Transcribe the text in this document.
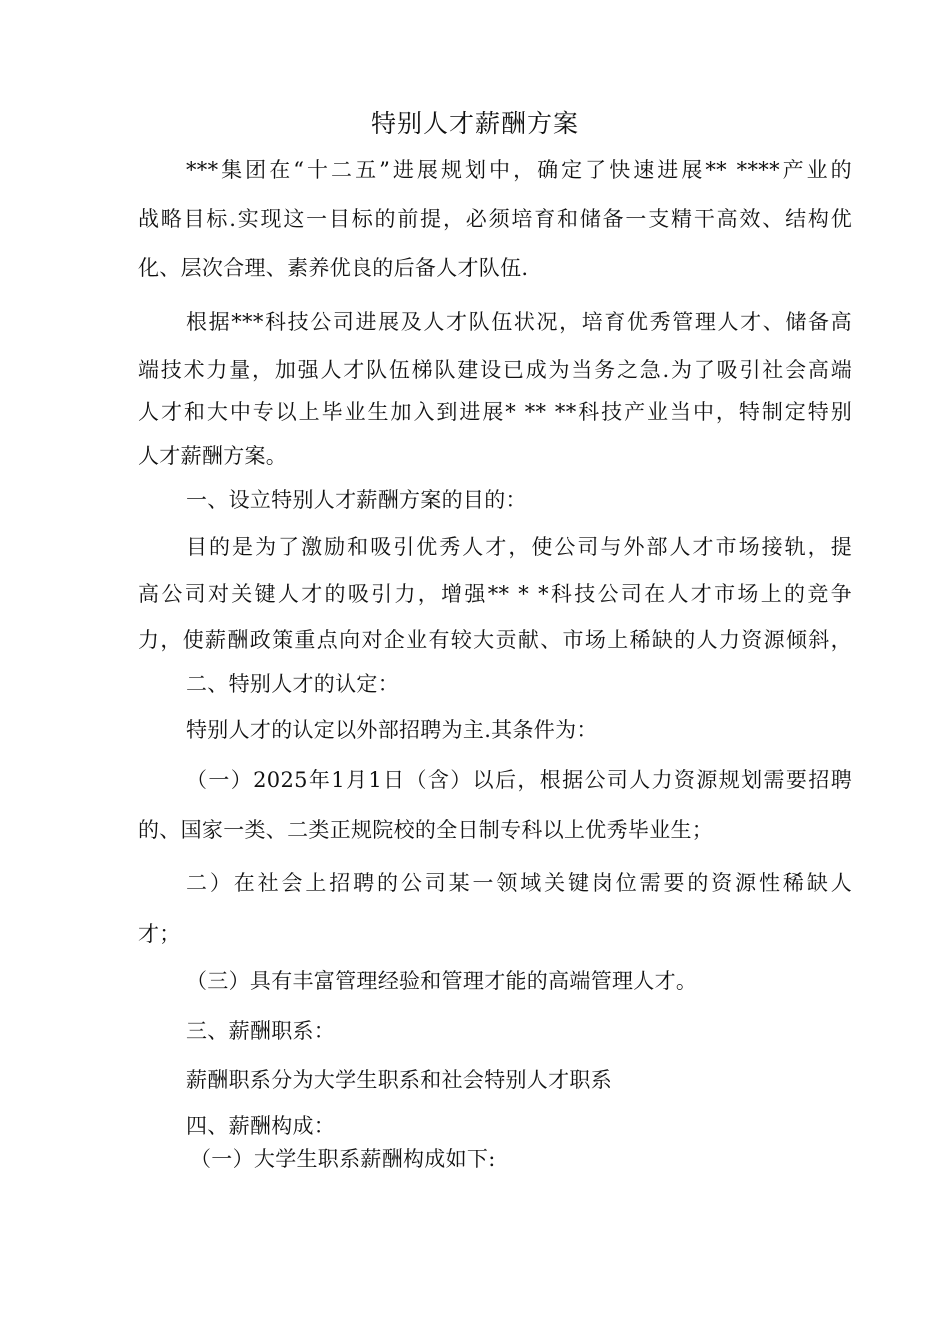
特别人才薪酬方案
***集团在“十二五”进展规划中，确定了快速进展** ****产业的
战略目标.实现这一目标的前提，必须培育和储备一支精干高效、结构优
化、层次合理、素养优良的后备人才队伍.
根据***科技公司进展及人才队伍状况，培育优秀管理人才、储备高
端技术力量，加强人才队伍梯队建设已成为当务之急.为了吸引社会高端
人才和大中专以上毕业生加入到进展* ** **科技产业当中，特制定特别
人才薪酬方案。
一、设立特别人才薪酬方案的目的：
目的是为了激励和吸引优秀人才，使公司与外部人才市场接轨，提
高公司对关键人才的吸引力，增强** * *科技公司在人才市场上的竞争
力，使薪酬政策重点向对企业有较大贡献、市场上稀缺的人力资源倾斜，
二、特别人才的认定：
特别人才的认定以外部招聘为主.其条件为：
（一）2025年1月1日（含）以后，根据公司人力资源规划需要招聘
的、国家一类、二类正规院校的全日制专科以上优秀毕业生；
二）在社会上招聘的公司某一领域关键岗位需要的资源性稀缺人
才；
（三）具有丰富管理经验和管理才能的高端管理人才。
三、薪酬职系：
薪酬职系分为大学生职系和社会特别人才职系
四、薪酬构成：
（一）大学生职系薪酬构成如下:
